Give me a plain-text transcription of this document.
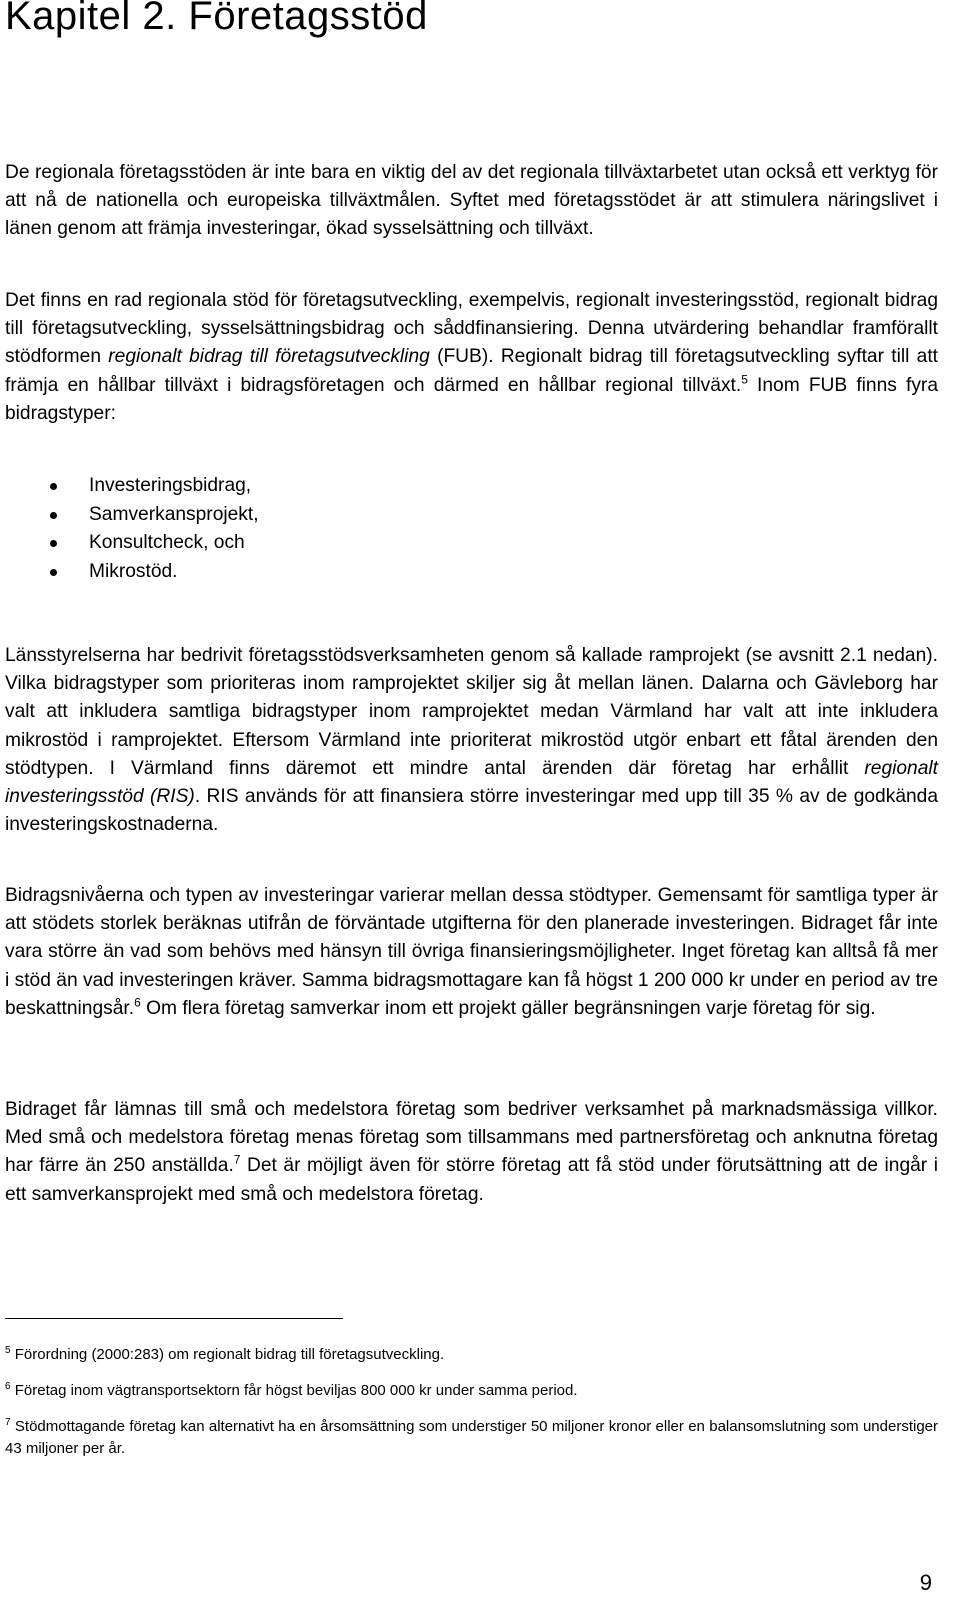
Kapitel 2. Företagsstöd

De regionala företagsstöden är inte bara en viktig del av det regionala tillväxtarbetet utan också ett verktyg för att nå de nationella och europeiska tillväxtmålen. Syftet med företagsstödet är att stimulera näringslivet i länen genom att främja investeringar, ökad sysselsättning och tillväxt.

Det finns en rad regionala stöd för företagsutveckling, exempelvis, regionalt investeringsstöd, regionalt bidrag till företagsutveckling, sysselsättningsbidrag och såddfinansiering. Denna utvärdering behandlar framförallt stödformen regionalt bidrag till företagsutveckling (FUB). Regionalt bidrag till företagsutveckling syftar till att främja en hållbar tillväxt i bidragsföretagen och därmed en hållbar regional tillväxt.$^5$ Inom FUB finns fyra bidragstyper:

Investeringsbidrag,
Samverkansprojekt,
Konsultcheck, och
Mikrostöd.

Länsstyrelserna har bedrivit företagsstödsverksamheten genom så kallade ramprojekt (se avsnitt 2.1 nedan). Vilka bidragstyper som prioriteras inom ramprojektet skiljer sig åt mellan länen. Dalarna och Gävleborg har valt att inkludera samtliga bidragstyper inom ramprojektet medan Värmland har valt att inte inkludera mikrostöd i ramprojektet. Eftersom Värmland inte prioriterat mikrostöd utgör enbart ett fåtal ärenden den stödtypen. I Värmland finns däremot ett mindre antal ärenden där företag har erhållit regionalt investeringsstöd (RIS). RIS används för att finansiera större investeringar med upp till 35 % av de godkända investeringskostnaderna.

Bidragsnivåerna och typen av investeringar varierar mellan dessa stödtyper. Gemensamt för samtliga typer är att stödets storlek beräknas utifrån de förväntade utgifterna för den planerade investeringen. Bidraget får inte vara större än vad som behövs med hänsyn till övriga finansieringsmöjligheter. Inget företag kan alltså få mer i stöd än vad investeringen kräver. Samma bidragsmottagare kan få högst 1 200 000 kr under en period av tre beskattningsår.$^6$ Om flera företag samverkar inom ett projekt gäller begränsningen varje företag för sig.

Bidraget får lämnas till små och medelstora företag som bedriver verksamhet på marknadsmässiga villkor. Med små och medelstora företag menas företag som tillsammans med partnersföretag och anknutna företag har färre än 250 anställda.$^7$ Det är möjligt även för större företag att få stöd under förutsättning att de ingår i ett samverkansprojekt med små och medelstora företag.

$^5$ Förordning (2000:283) om regionalt bidrag till företagsutveckling.

$^6$ Företag inom vägtransportsektorn får högst beviljas 800 000 kr under samma period.

$^7$ Stödmottagande företag kan alternativt ha en årsomsättning som understiger 50 miljoner kronor eller en balansomslutning som understiger 43 miljoner per år.

9
